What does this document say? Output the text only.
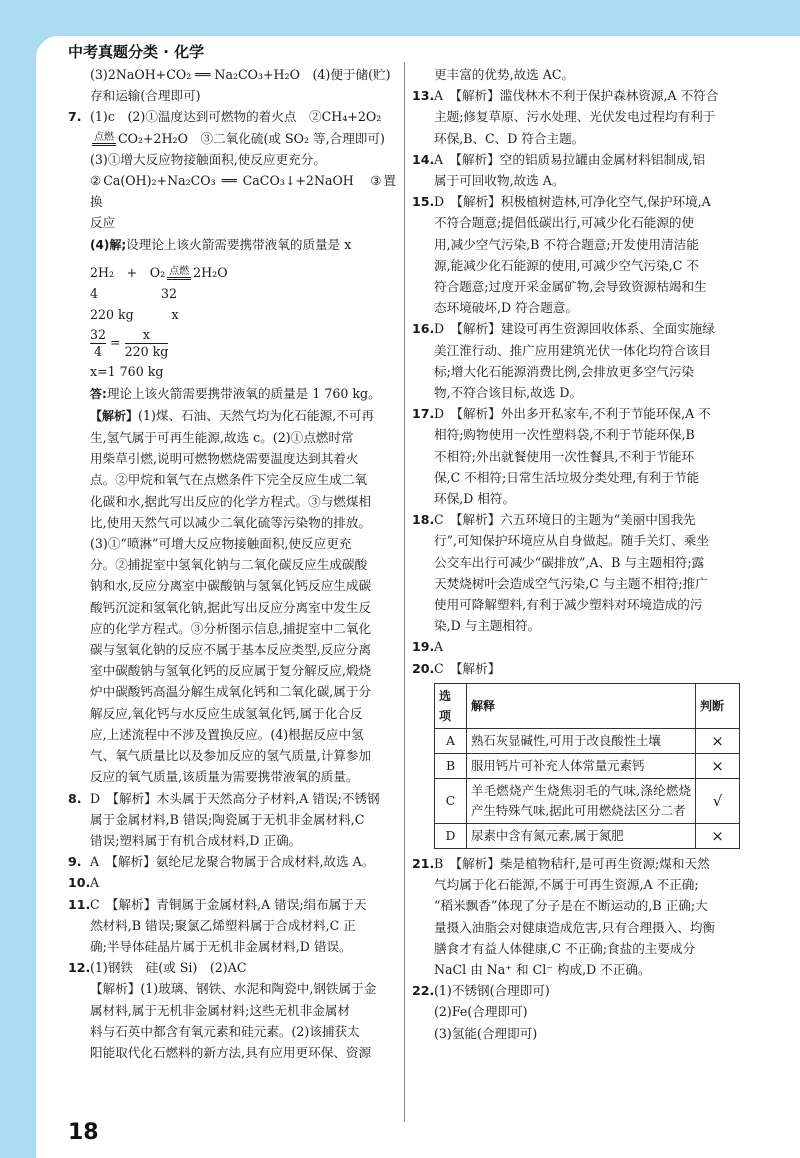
中考真题分类 · 化学

(3)2NaOH+CO₂ ══ Na₂CO₃+H₂O　(4)便于储(贮)

存和运输(合理即可)

7. (1)c　(2)①温度达到可燃物的着火点　②CH₄+2O₂

点燃 CO₂+2H₂O　③二氧化硫(或 SO₂ 等,合理即可)

(3)①增大反应物接触面积,使反应更充分。

②Ca(OH)₂+Na₂CO₃ ══ CaCO₃↓+2NaOH　③置换

反应

(4)解;设理论上该火箭需要携带液氧的质量是 x

2H₂　+　O₂ 点燃 2H₂O

4　　　　　32

220 kg　　　x

$\frac{32}{4} = \frac{x}{220 kg}$

x=1 760 kg

答:理论上该火箭需要携带液氧的质量是 1 760 kg。

【解析】(1)煤、石油、天然气均为化石能源,不可再

生,氢气属于可再生能源,故选 c。(2)①点燃时常

用柴草引燃,说明可燃物燃烧需要温度达到其着火

点。②甲烷和氧气在点燃条件下完全反应生成二氧

化碳和水,据此写出反应的化学方程式。③与燃煤相

比,使用天然气可以减少二氧化硫等污染物的排放。

(3)①“喷淋”可增大反应物接触面积,使反应更充

分。②捕捉室中氢氧化钠与二氧化碳反应生成碳酸

钠和水,反应分离室中碳酸钠与氢氧化钙反应生成碳

酸钙沉淀和氢氧化钠,据此写出反应分离室中发生反

应的化学方程式。③分析图示信息,捕捉室中二氧化

碳与氢氧化钠的反应不属于基本反应类型,反应分离

室中碳酸钠与氢氧化钙的反应属于复分解反应,煅烧

炉中碳酸钙高温分解生成氧化钙和二氧化碳,属于分

解反应,氧化钙与水反应生成氢氧化钙,属于化合反

应,上述流程中不涉及置换反应。(4)根据反应中氢

气、氧气质量比以及参加反应的氢气质量,计算参加

反应的氧气质量,该质量为需要携带液氧的质量。

8. D　【解析】木头属于天然高分子材料,A 错误;不锈钢

属于金属材料,B 错误;陶瓷属于无机非金属材料,C

错误;塑料属于有机合成材料,D 正确。

9. A　【解析】氨纶尼龙聚合物属于合成材料,故选 A。

10. A

11. C　【解析】青铜属于金属材料,A 错误;绢布属于天

然材料,B 错误;聚氯乙烯塑料属于合成材料,C 正

确;半导体硅晶片属于无机非金属材料,D 错误。

12. (1)钢铁　硅(或 Si)　(2)AC

【解析】(1)玻璃、钢铁、水泥和陶瓷中,钢铁属于金

属材料,属于无机非金属材料;这些无机非金属材

料与石英中都含有氧元素和硅元素。(2)该捕获太

阳能取代化石燃料的新方法,具有应用更环保、资源

更丰富的优势,故选 AC。

13. A　【解析】滥伐林木不利于保护森林资源,A 不符合

主题;修复草原、污水处理、光伏发电过程均有利于

环保,B、C、D 符合主题。

14. A　【解析】空的铝质易拉罐由金属材料铝制成,铝

属于可回收物,故选 A。

15. D　【解析】积极植树造林,可净化空气,保护环境,A

不符合题意;提倡低碳出行,可减少化石能源的使

用,减少空气污染,B 不符合题意;开发使用清洁能

源,能减少化石能源的使用,可减少空气污染,C 不

符合题意;过度开采金属矿物,会导致资源枯竭和生

态环境破坏,D 符合题意。

16. D　【解析】建设可再生资源回收体系、全面实施绿

美江淮行动、推广应用建筑光伏一体化均符合该目

标;增大化石能源消费比例,会排放更多空气污染

物,不符合该目标,故选 D。

17. D　【解析】外出多开私家车,不利于节能环保,A 不

相符;购物使用一次性塑料袋,不利于节能环保,B

不相符;外出就餐使用一次性餐具,不利于节能环

保,C 不相符;日常生活垃圾分类处理,有利于节能

环保,D 相符。

18. C　【解析】六五环境日的主题为“美丽中国我先

行”,可知保护环境应从自身做起。随手关灯、乘坐

公交车出行可减少“碳排放”,A、B 与主题相符;露

天焚烧树叶会造成空气污染,C 与主题不相符;推广

使用可降解塑料,有利于减少塑料对环境造成的污

染,D 与主题相符。

19. A

20. C　【解析】

选项	解释	判断
A	熟石灰显碱性,可用于改良酸性土壤	×
B	服用钙片可补充人体常量元素钙	×
C	羊毛燃烧产生烧焦羽毛的气味,涤纶燃烧产生特殊气味,据此可用燃烧法区分二者	√
D	尿素中含有氮元素,属于氮肥	×
21. B　【解析】柴是植物秸秆,是可再生资源;煤和天然

气均属于化石能源,不属于可再生资源,A 不正确;

“稻米飘香”体现了分子是在不断运动的,B 正确;大

量摄入油脂会对健康造成危害,只有合理摄入、均衡

膳食才有益人体健康,C 不正确;食盐的主要成分

NaCl 由 Na⁺ 和 Cl⁻ 构成,D 不正确。

22. (1)不锈钢(合理即可)

(2)Fe(合理即可)

(3)氢能(合理即可)

18
